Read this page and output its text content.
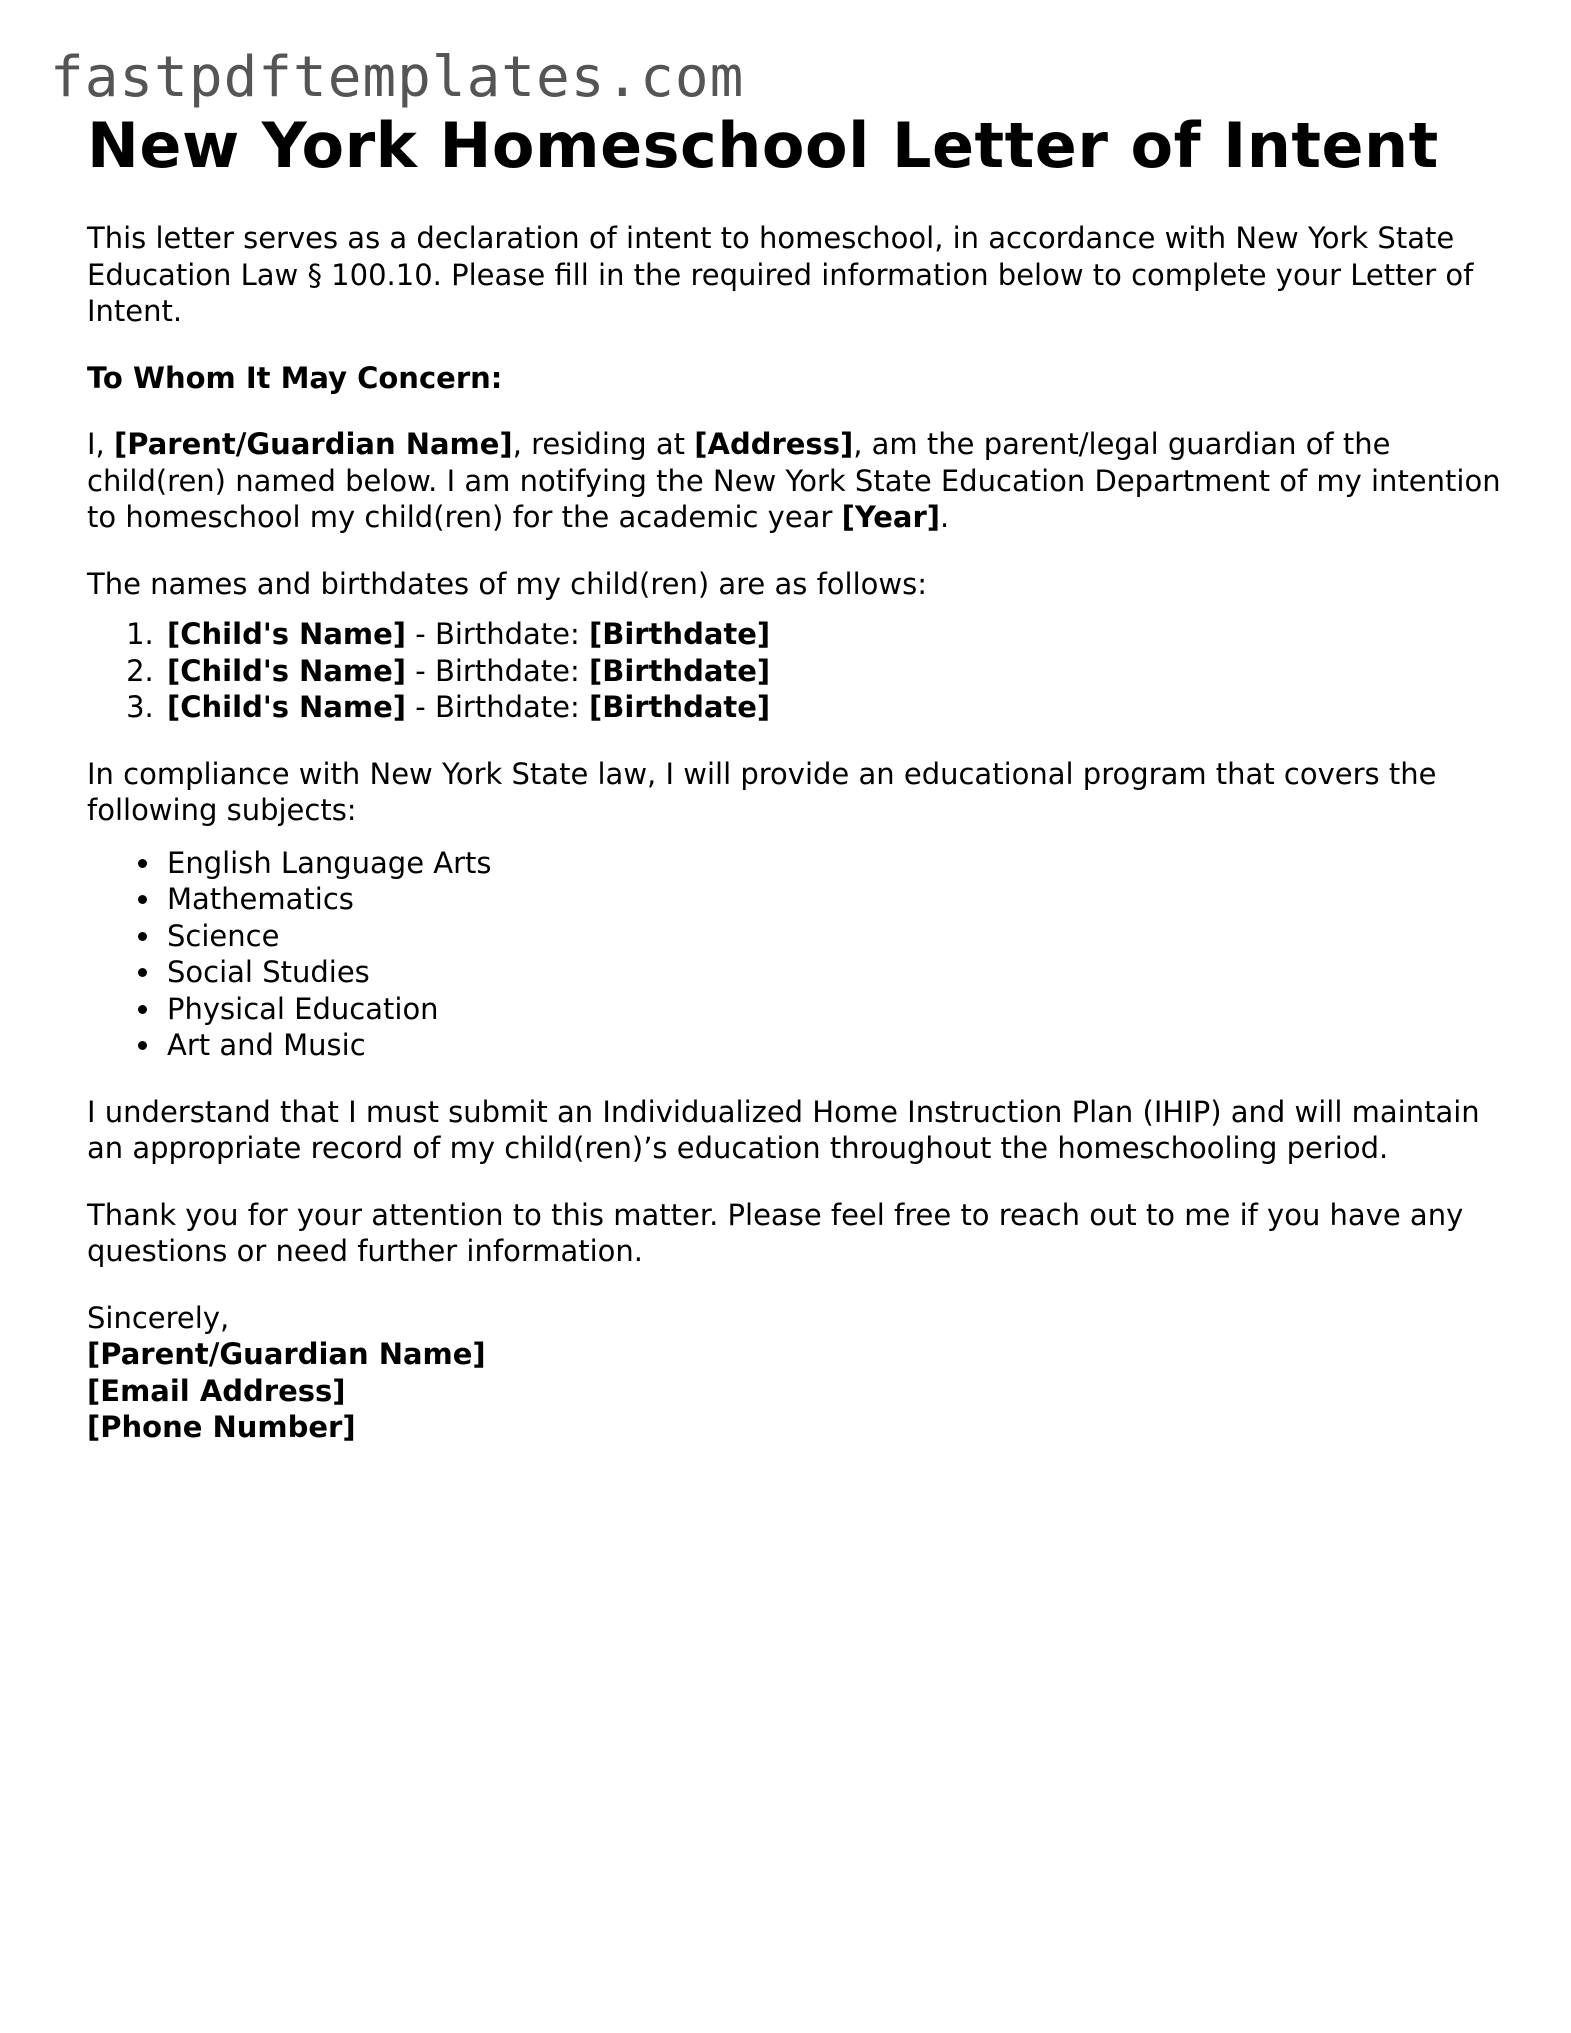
fastpdftemplates.com
New York Homeschool Letter of Intent

This letter serves as a declaration of intent to homeschool, in accordance with New York State Education Law § 100.10. Please fill in the required information below to complete your Letter of Intent.

To Whom It May Concern:

I, [Parent/Guardian Name], residing at [Address], am the parent/legal guardian of the child(ren) named below. I am notifying the New York State Education Department of my intention to homeschool my child(ren) for the academic year [Year].

The names and birthdates of my child(ren) are as follows:

1. [Child's Name] - Birthdate: [Birthdate]
2. [Child's Name] - Birthdate: [Birthdate]
3. [Child's Name] - Birthdate: [Birthdate]

In compliance with New York State law, I will provide an educational program that covers the following subjects:

• English Language Arts
• Mathematics
• Science
• Social Studies
• Physical Education
• Art and Music

I understand that I must submit an Individualized Home Instruction Plan (IHIP) and will maintain an appropriate record of my child(ren)’s education throughout the homeschooling period.

Thank you for your attention to this matter. Please feel free to reach out to me if you have any questions or need further information.

Sincerely,
[Parent/Guardian Name]
[Email Address]
[Phone Number]
